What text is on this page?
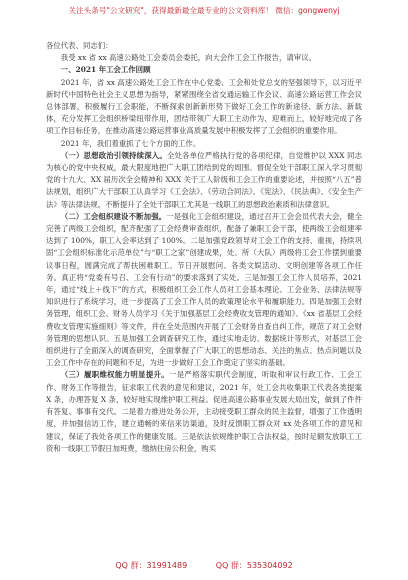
关注头条号"公文研究"，获得最新最全最专业的公文资料库！ 微信：gongwenyj

各位代表、同志们：

我受 xx 省 xx 高速公路处工会委员会委托，向大会作工会工作报告，请审议。

一、2021 年工会工作回顾

2021 年，省 xx 高速公路处工会工作在中心党委、工会和处党总支的坚强领导下，以习近平新时代中国特色社会主义思想为指导，紧紧围绕全省交通运输工作会议、高速公路运营工作会议总体部署，积极履行工会职能，不断探索创新新形势下做好工会工作的新途径、新方法、新载体，充分发挥工会组织桥梁纽带作用，团结带领广大职工主动作为、迎难而上，较好地完成了各项工作目标任务，在推动高速公路运营事业高质量发展中积极发挥了工会组织的重要作用。

2021 年，我们着重抓了七个方面的工作。

（一）思想政治引领持续深入。全处各单位严格执行党的各项纪律，自觉维护以 XXX 同志为核心的党中央权威，最大限度地把广大职工团结到党的周围。督促全处干部职工深入学习贯彻党的十九大、XX 届历次全会精神和 XXX 关于工人阶级和工会工作的重要论述，并按照“八五”普法规划，组织广大干部职工认真学习《工会法》、《劳动合同法》、《宪法》、《民法典》、《安全生产法》等法律法规。不断提升了全处干部职工尤其是一线职工的思想政治素质和法律意识。

（二）工会组织建设不断加强。一是强化工会组织建设，通过召开工会会员代表大会，健全完善了两级工会组织，配齐配强了工会经费审查组织，配备了兼职工会干部，使两级工会组建率达到了 100%，职工入会率达到了 100%。二是加强党政领导对工会工作的支持、重视，持续巩固“工会组织标准化示范单位”与“职工之家”创建成果，处、所（大队）两级将工会工作摆到重要议事日程，圆满完成了帮扶困难职工、节日开展慰问、各类文娱活动、文明创建等各项工作任务。真正将“党委有号召、工会有行动”的要求落到了实处。三是加强工会工作人员培养，2021 年，通过“线上＋线下”的方式，积极组织工会工作人员对工会基本理论、工会业务、法律法规等知识进行了系统学习，进一步提高了工会工作人员的政策理论水平和履职能力。四是加强工会财务管理，组织工会、财务人员学习《关于加强基层工会经费收支管理的通知》、《xx 省基层工会经费收支管理实施细则》等文件，并在全处范围内开展了工会财务自查自纠工作，规范了对工会财务管理的思想认识。五是加强工会调查研究工作，通过实地走访、数据统计等形式，对基层工会组织进行了全面深入的调查研究，全面掌握了广大职工的思想动态、关注的焦点、热点问题以及工会工作中存在的问题和不足，为进一步做好工会工作奠定了坚实的基础。

（三）履职维权能力明显提升。一是严格落实职代会制度，听取和审议行政工作、工会工作、财务工作等报告，征求职工代表的意见和建议，2021 年，处工会共收集职工代表各类提案 X 条，办理答复 X 条，较好地实现维护职工利益。促进高速公路事业发展大局出发，做到了件件有答复、事事有交代。二是着力推进处务公开，主动接受职工群众的民主监督，增强了工作透明度，并加强信访工作，建立通畅的来信来访渠道，及时反馈职工群众对 xx 处各项工作的意见和建议，保证了我处各项工作的健康发展。三是依法依规维护职工合法权益，按时足额发放职工工资和一线职工节假日加班费，缴纳住房公积金，购买

QQ 群：31991489	QQ 群：535304092
